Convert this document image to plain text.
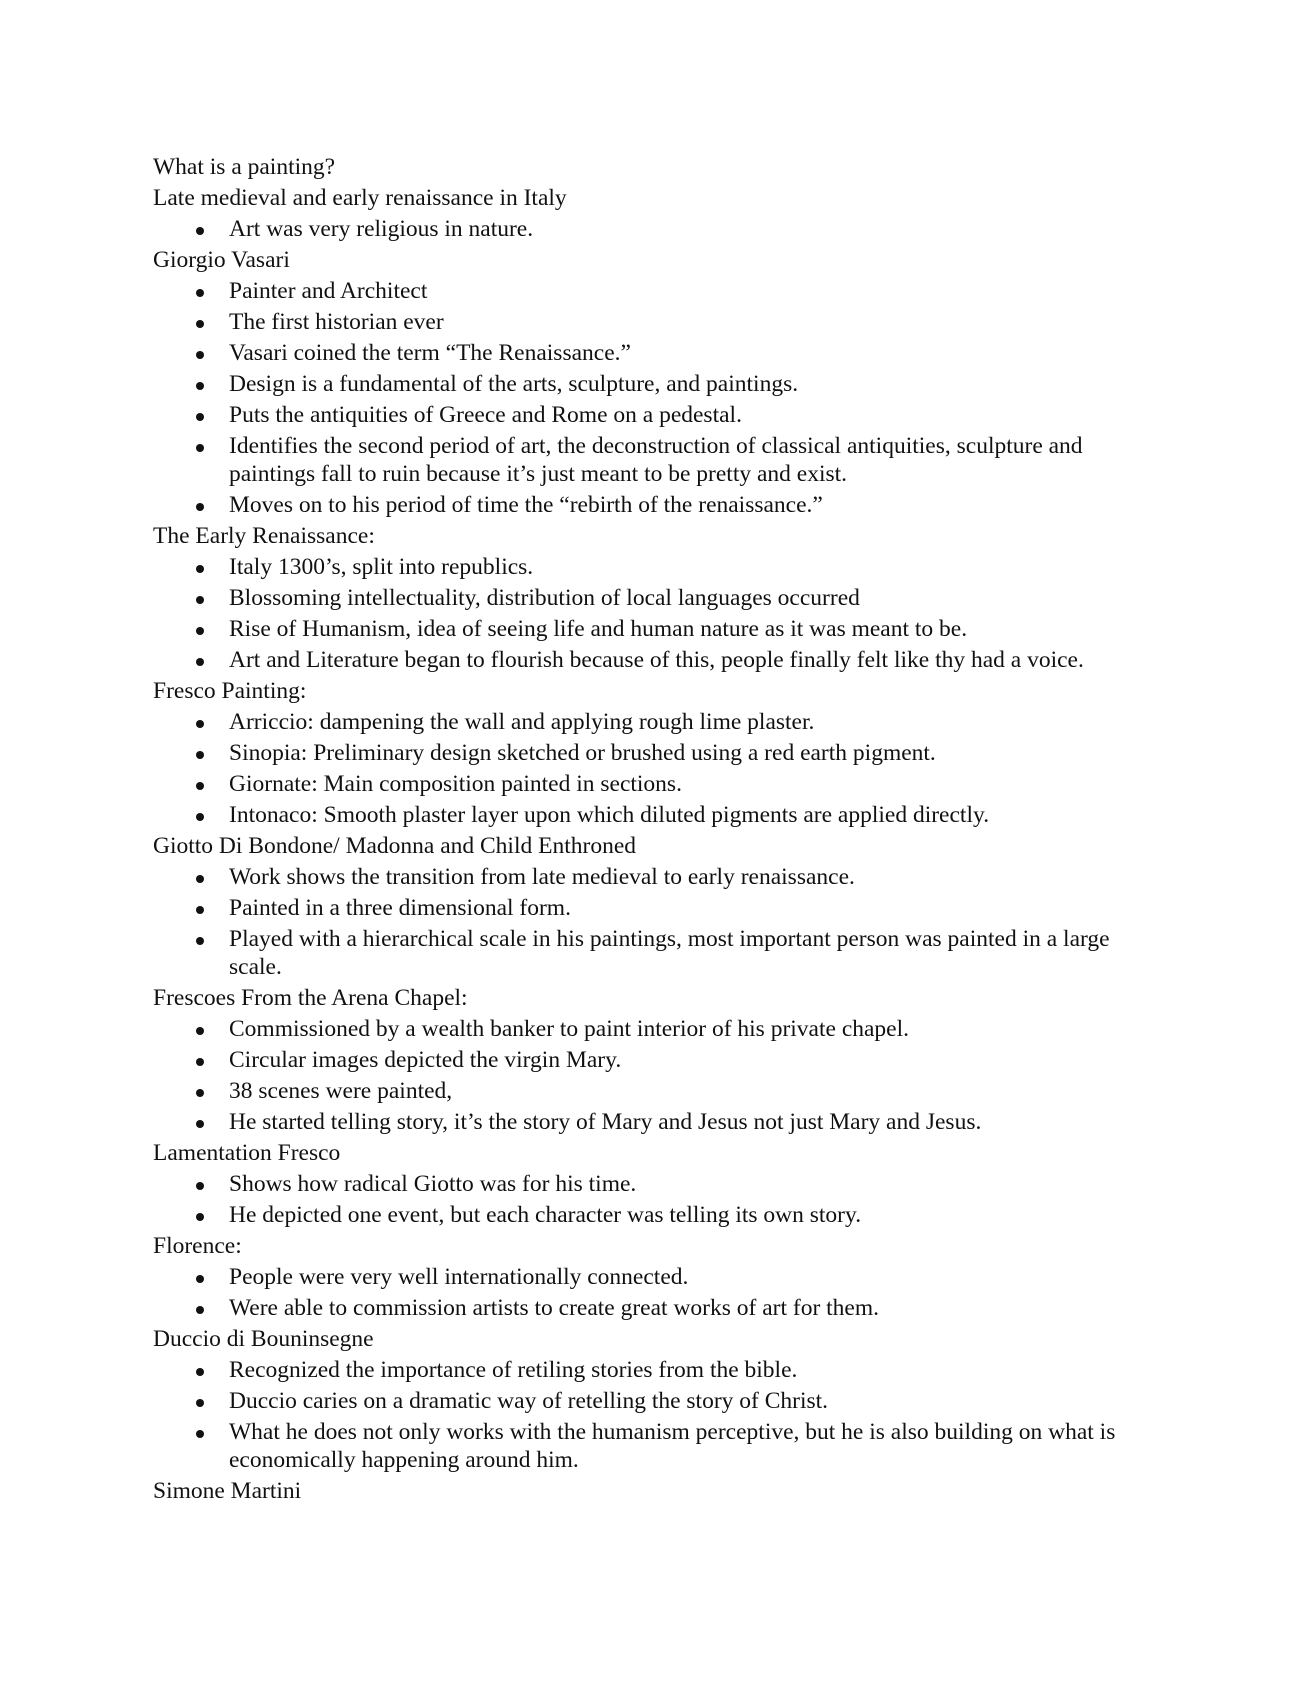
What is a painting?
Late medieval and early renaissance in Italy
Art was very religious in nature.
Giorgio Vasari
Painter and Architect
The first historian ever
Vasari coined the term “The Renaissance.”
Design is a fundamental of the arts, sculpture, and paintings.
Puts the antiquities of Greece and Rome on a pedestal.
Identifies the second period of art, the deconstruction of classical antiquities, sculpture and paintings fall to ruin because it’s just meant to be pretty and exist.
Moves on to his period of time the “rebirth of the renaissance.”
The Early Renaissance:
Italy 1300’s, split into republics.
Blossoming intellectuality, distribution of local languages occurred
Rise of Humanism, idea of seeing life and human nature as it was meant to be.
Art and Literature began to flourish because of this, people finally felt like thy had a voice.
Fresco Painting:
Arriccio: dampening the wall and applying rough lime plaster.
Sinopia: Preliminary design sketched or brushed using a red earth pigment.
Giornate: Main composition painted in sections.
Intonaco: Smooth plaster layer upon which diluted pigments are applied directly.
Giotto Di Bondone/ Madonna and Child Enthroned
Work shows the transition from late medieval to early renaissance.
Painted in a three dimensional form.
Played with a hierarchical scale in his paintings, most important person was painted in a large scale.
Frescoes From the Arena Chapel:
Commissioned by a wealth banker to paint interior of his private chapel.
Circular images depicted the virgin Mary.
38 scenes were painted,
He started telling story, it’s the story of Mary and Jesus not just Mary and Jesus.
Lamentation Fresco
Shows how radical Giotto was for his time.
He depicted one event, but each character was telling its own story.
Florence:
People were very well internationally connected.
Were able to commission artists to create great works of art for them.
Duccio di Bouninsegne
Recognized the importance of retiling stories from the bible.
Duccio caries on a dramatic way of retelling the story of Christ.
What he does not only works with the humanism perceptive, but he is also building on what is economically happening around him.
Simone Martini
